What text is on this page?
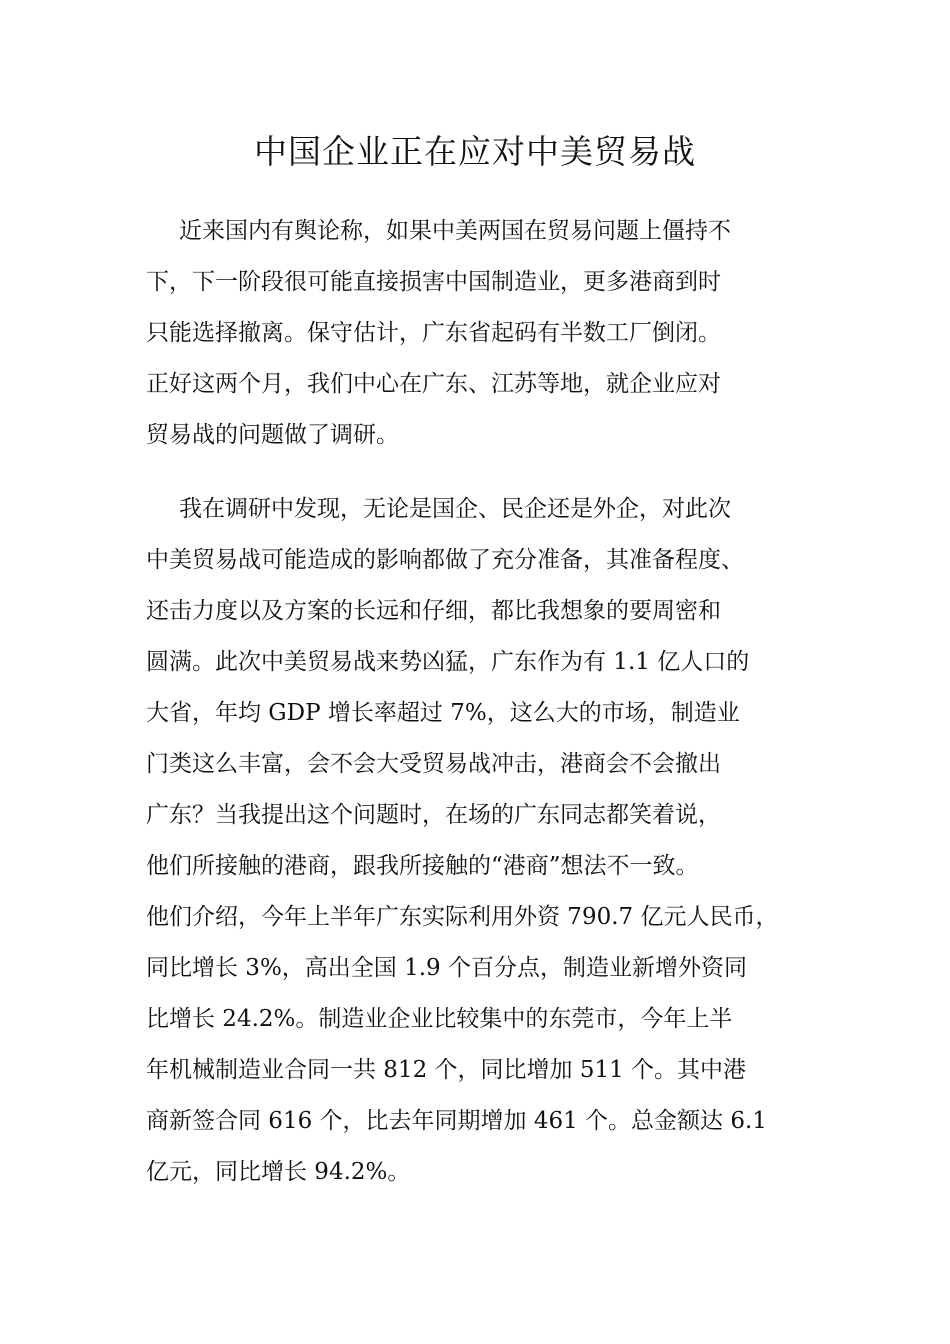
中国企业正在应对中美贸易战
近来国内有舆论称，如果中美两国在贸易问题上僵持不
下，下一阶段很可能直接损害中国制造业，更多港商到时
只能选择撤离。保守估计，广东省起码有半数工厂倒闭。
正好这两个月，我们中心在广东、江苏等地，就企业应对
贸易战的问题做了调研。
我在调研中发现，无论是国企、民企还是外企，对此次
中美贸易战可能造成的影响都做了充分准备，其准备程度、
还击力度以及方案的长远和仔细，都比我想象的要周密和
圆满。此次中美贸易战来势凶猛，广东作为有 1.1 亿人口的
大省，年均 GDP 增长率超过 7%，这么大的市场，制造业
门类这么丰富，会不会大受贸易战冲击，港商会不会撤出
广东？当我提出这个问题时，在场的广东同志都笑着说，
他们所接触的港商，跟我所接触的“港商”想法不一致。
他们介绍，今年上半年广东实际利用外资 790.7 亿元人民币，
同比增长 3%，高出全国 1.9 个百分点，制造业新增外资同
比增长 24.2%。制造业企业比较集中的东莞市，今年上半
年机械制造业合同一共 812 个，同比增加 511 个。其中港
商新签合同 616 个，比去年同期增加 461 个。总金额达 6.1
亿元，同比增长 94.2%。
